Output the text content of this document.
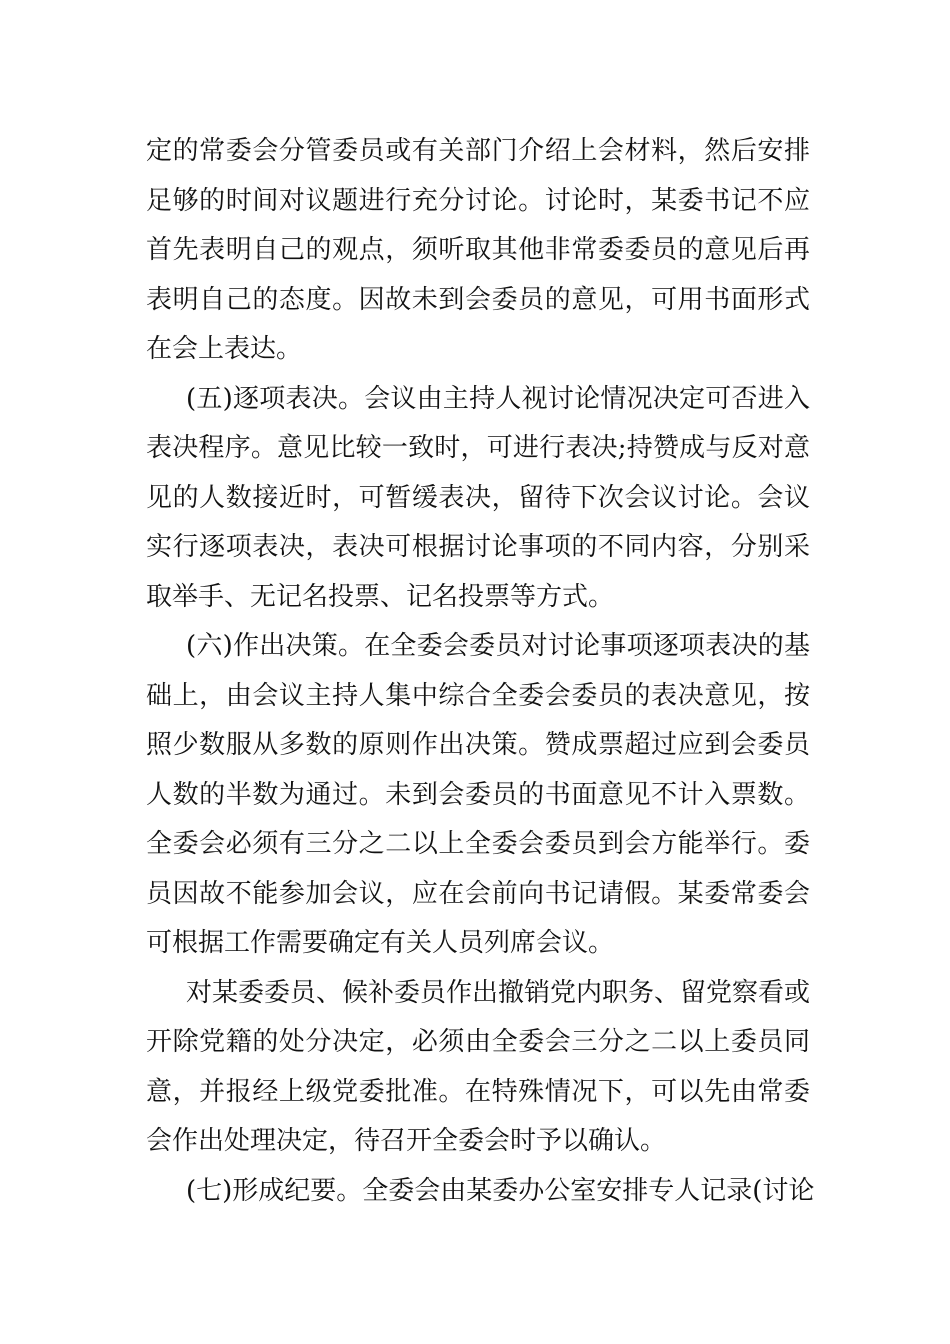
定的常委会分管委员或有关部门介绍上会材料，然后安排
足够的时间对议题进行充分讨论。讨论时，某委书记不应
首先表明自己的观点，须听取其他非常委委员的意见后再
表明自己的态度。因故未到会委员的意见，可用书面形式
在会上表达。
(五)逐项表决。会议由主持人视讨论情况决定可否进入
表决程序。意见比较一致时，可进行表决;持赞成与反对意
见的人数接近时，可暂缓表决，留待下次会议讨论。会议
实行逐项表决，表决可根据讨论事项的不同内容，分别采
取举手、无记名投票、记名投票等方式。
(六)作出决策。在全委会委员对讨论事项逐项表决的基
础上，由会议主持人集中综合全委会委员的表决意见，按
照少数服从多数的原则作出决策。赞成票超过应到会委员
人数的半数为通过。未到会委员的书面意见不计入票数。
全委会必须有三分之二以上全委会委员到会方能举行。委
员因故不能参加会议，应在会前向书记请假。某委常委会
可根据工作需要确定有关人员列席会议。
对某委委员、候补委员作出撤销党内职务、留党察看或
开除党籍的处分决定，必须由全委会三分之二以上委员同
意，并报经上级党委批准。在特殊情况下，可以先由常委
会作出处理决定，待召开全委会时予以确认。
(七)形成纪要。全委会由某委办公室安排专人记录(讨论
